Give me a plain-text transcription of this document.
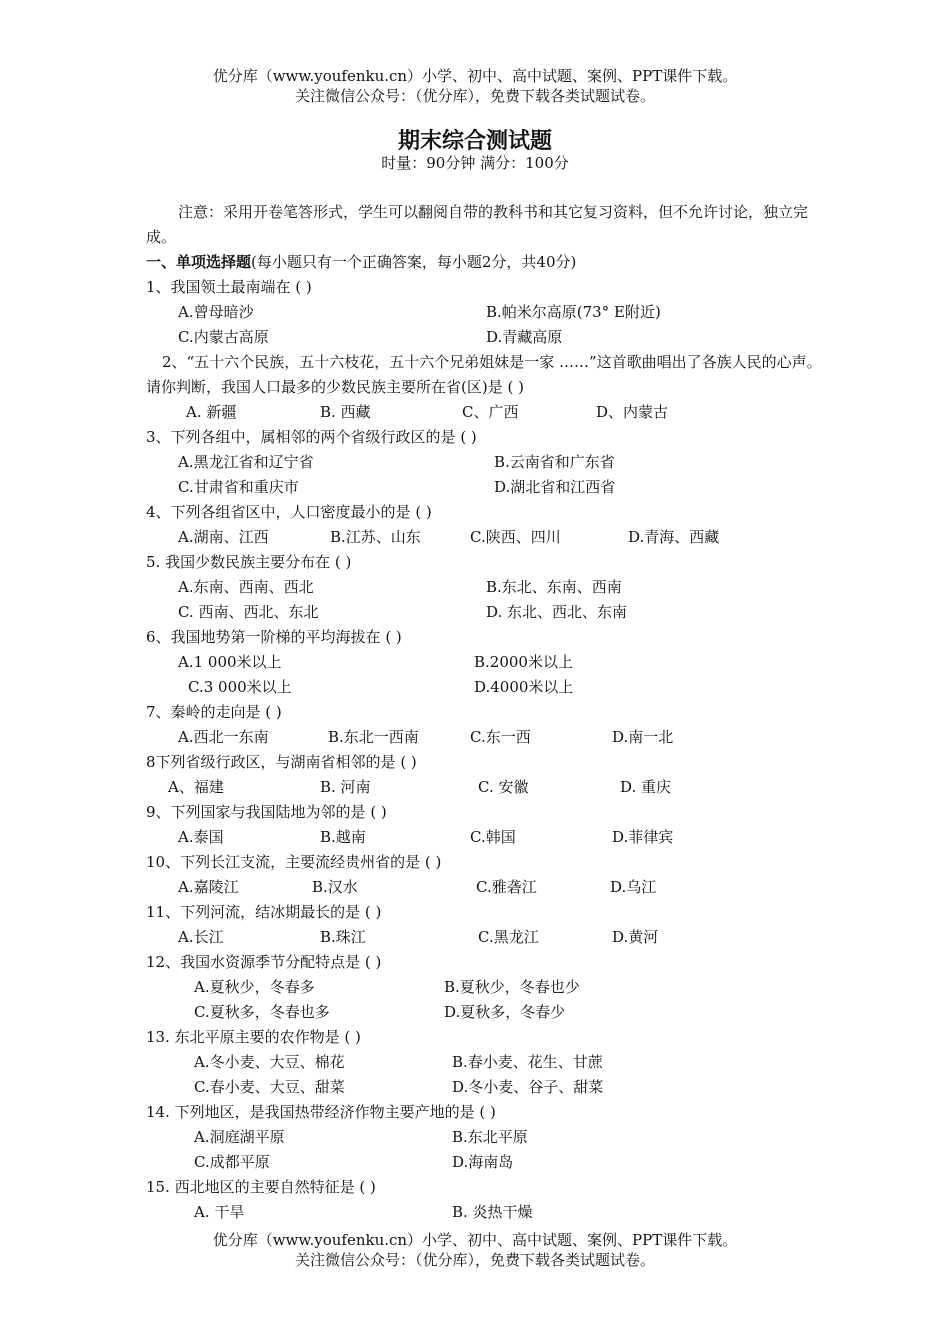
优分库（www.youfenku.cn）小学、初中、高中试题、案例、PPT课件下载。
关注微信公众号：（优分库），免费下载各类试题试卷。
期末综合测试题
时量：90分钟 满分：100分
注意：采用开卷笔答形式，学生可以翻阅自带的教科书和其它复习资料，但不允许讨论，独立完成。
一、单项选择题(每小题只有一个正确答案，每小题2分，共40分)
1、我国领土最南端在 ( )
A.曾母暗沙	B.帕米尔高原(73° E附近)
C.内蒙古高原	D.青藏高原
2、“五十六个民族，五十六枝花，五十六个兄弟姐妹是一家 ……”这首歌曲唱出了各族人民的心声。请你判断，我国人口最多的少数民族主要所在省(区)是 ( )
A. 新疆	B. 西藏	C、广西	D、内蒙古
3、下列各组中，属相邻的两个省级行政区的是 ( )
A.黑龙江省和辽宁省	B.云南省和广东省
C.甘肃省和重庆市	D.湖北省和江西省
4、下列各组省区中，人口密度最小的是 ( )
A.湖南、江西	B.江苏、山东	C.陕西、四川	D.青海、西藏
5. 我国少数民族主要分布在 ( )
A.东南、西南、西北	B.东北、东南、西南
C. 西南、西北、东北	D. 东北、西北、东南
6、我国地势第一阶梯的平均海拔在 ( )
A.1 000米以上	B.2000米以上
C.3 000米以上	D.4000米以上
7、秦岭的走向是 ( )
A.西北一东南	B.东北一西南	C.东一西	D.南一北
8下列省级行政区，与湖南省相邻的是 ( )
A、福建	B. 河南	C. 安徽	D. 重庆
9、下列国家与我国陆地为邻的是 ( )
A.泰国	B.越南	C.韩国	D.菲律宾
10、下列长江支流，主要流经贵州省的是 ( )
A.嘉陵江	B.汉水	C.雅砻江	D.乌江
11、下列河流，结冰期最长的是 ( )
A.长江	B.珠江	C.黑龙江	D.黄河
12、我国水资源季节分配特点是 ( )
A.夏秋少，冬春多	B.夏秋少，冬春也少
C.夏秋多，冬春也多	D.夏秋多，冬春少
13. 东北平原主要的农作物是 ( )
A.冬小麦、大豆、棉花	B.春小麦、花生、甘蔗
C.春小麦、大豆、甜菜	D.冬小麦、谷子、甜菜
14. 下列地区，是我国热带经济作物主要产地的是 ( )
A.洞庭湖平原	B.东北平原
C.成都平原	D.海南岛
15. 西北地区的主要自然特征是 ( )
A. 干旱	B. 炎热干燥
优分库（www.youfenku.cn）小学、初中、高中试题、案例、PPT课件下载。
关注微信公众号：（优分库），免费下载各类试题试卷。
